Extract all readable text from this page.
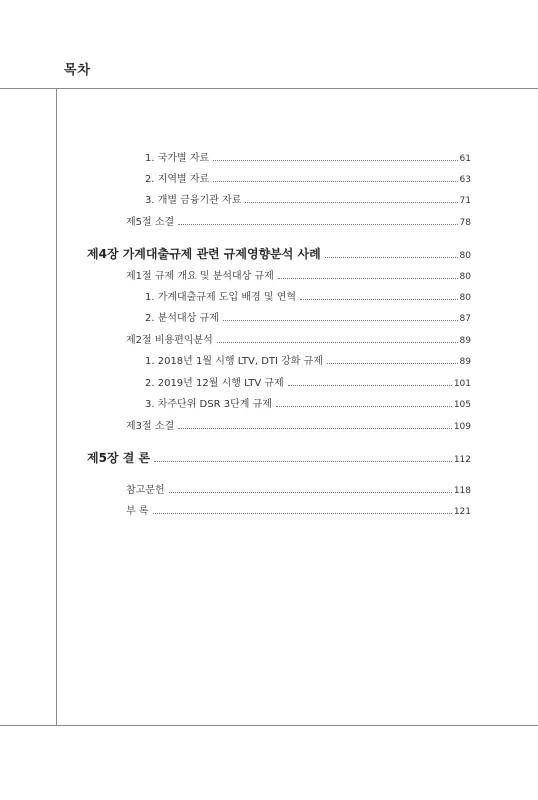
목차
1. 국가별 자료	61
2. 지역별 자료	63
3. 개별 금융기관 자료	71
제5절 소결	78
제4장 가계대출규제 관련 규제영향분석 사례	80
제1절 규제 개요 및 분석대상 규제	80
1. 가계대출규제 도입 배경 및 연혁	80
2. 분석대상 규제	87
제2절 비용편익분석	89
1. 2018년 1월 시행 LTV, DTI 강화 규제	89
2. 2019년 12월 시행 LTV 규제	101
3. 차주단위 DSR 3단계 규제	105
제3절 소결	109
제5장 결 론	112
참고문헌	118
부 록	121
